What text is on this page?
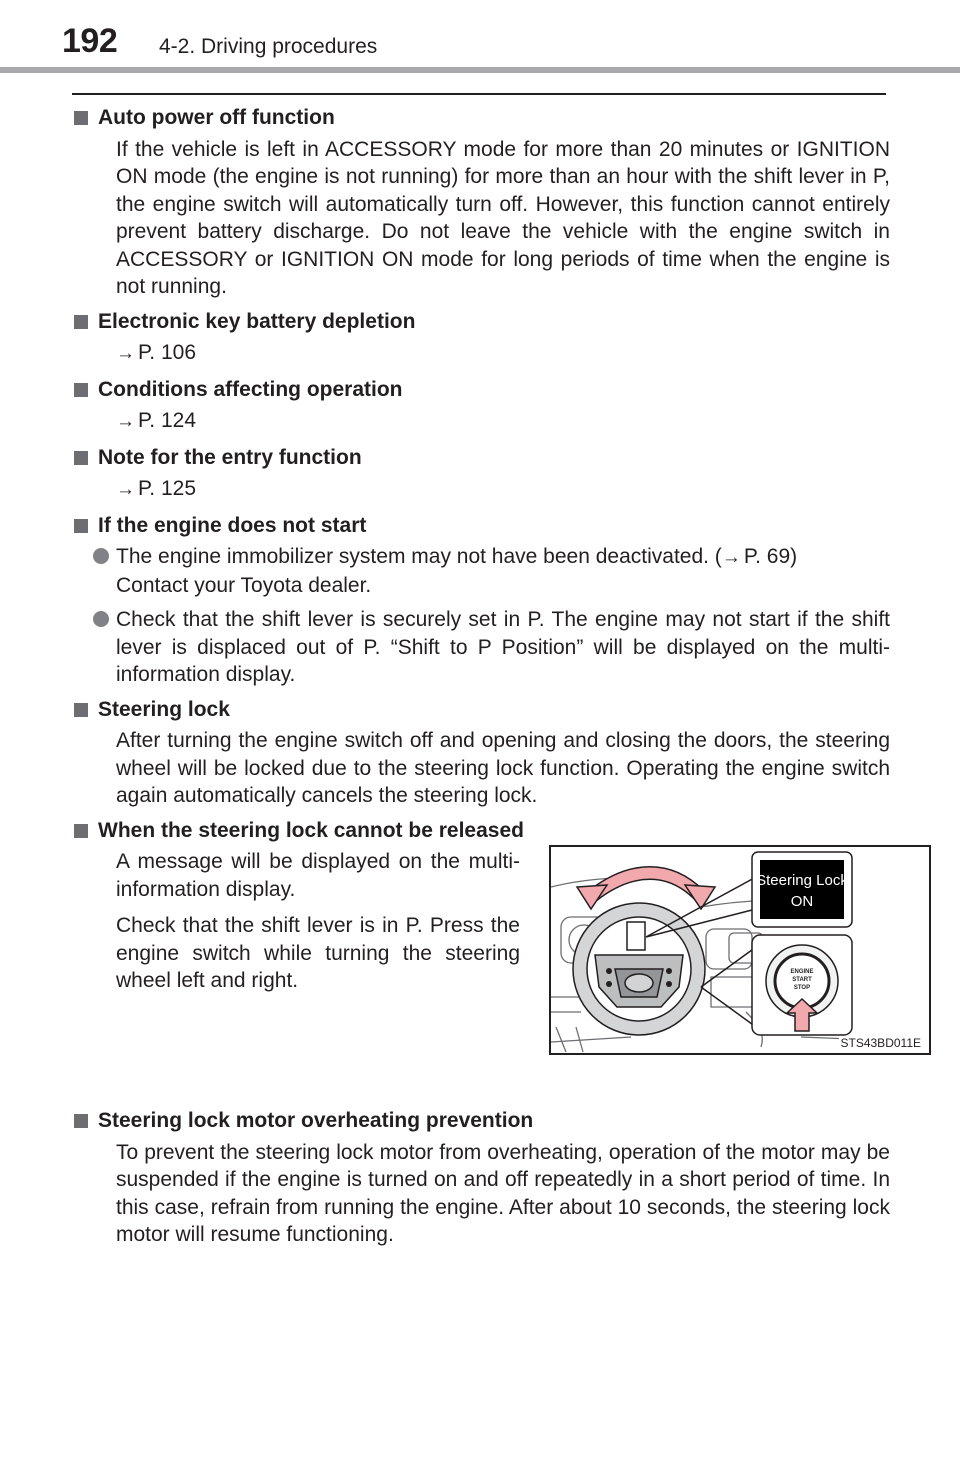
192 4-2. Driving procedures
Auto power off function
If the vehicle is left in ACCESSORY mode for more than 20 minutes or IGNITION ON mode (the engine is not running) for more than an hour with the shift lever in P, the engine switch will automatically turn off. However, this function cannot entirely prevent battery discharge. Do not leave the vehicle with the engine switch in ACCESSORY or IGNITION ON mode for long periods of time when the engine is not running.
Electronic key battery depletion
→ P. 106
Conditions affecting operation
→ P. 124
Note for the entry function
→ P. 125
If the engine does not start
The engine immobilizer system may not have been deactivated. (→ P. 69)
Contact your Toyota dealer.
Check that the shift lever is securely set in P. The engine may not start if the shift lever is displaced out of P. “Shift to P Position” will be displayed on the multi-information display.
Steering lock
After turning the engine switch off and opening and closing the doors, the steering wheel will be locked due to the steering lock function. Operating the engine switch again automatically cancels the steering lock.
When the steering lock cannot be released
A message will be displayed on the multi-information display.
Check that the shift lever is in P. Press the engine switch while turning the steering wheel left and right.
Steering Lock
ON
ENGINE
START
STOP
STS43BD011E
Steering lock motor overheating prevention
To prevent the steering lock motor from overheating, operation of the motor may be suspended if the engine is turned on and off repeatedly in a short period of time. In this case, refrain from running the engine. After about 10 seconds, the steering lock motor will resume functioning.
